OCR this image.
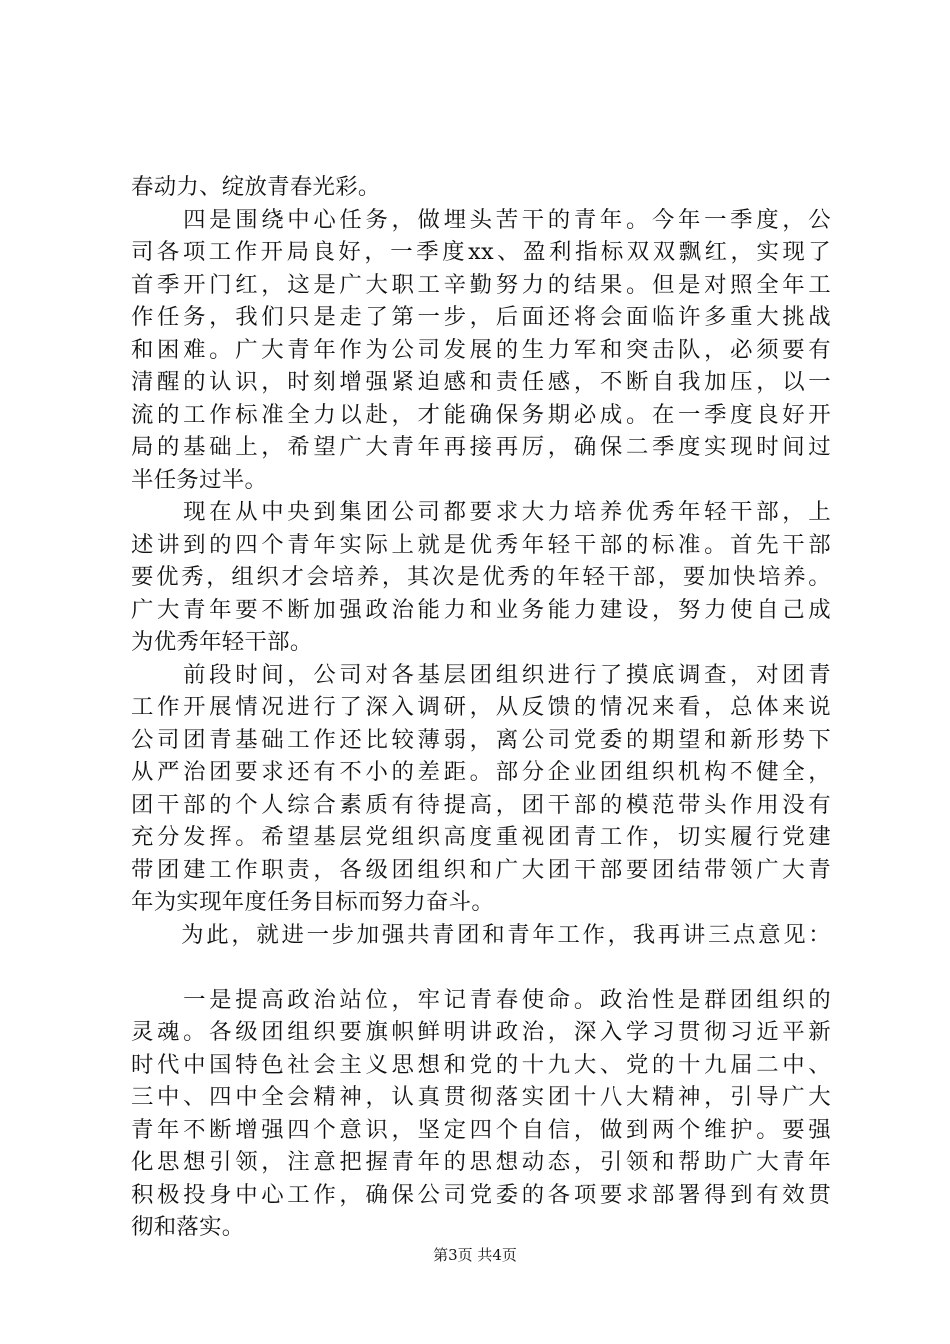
春动力、绽放青春光彩。
　　四是围绕中心任务，做埋头苦干的青年。今年一季度，公
司各项工作开局良好，一季度xx、盈利指标双双飘红，实现了
首季开门红，这是广大职工辛勤努力的结果。但是对照全年工
作任务，我们只是走了第一步，后面还将会面临许多重大挑战
和困难。广大青年作为公司发展的生力军和突击队，必须要有
清醒的认识，时刻增强紧迫感和责任感，不断自我加压，以一
流的工作标准全力以赴，才能确保务期必成。在一季度良好开
局的基础上，希望广大青年再接再厉，确保二季度实现时间过
半任务过半。
　　现在从中央到集团公司都要求大力培养优秀年轻干部，上
述讲到的四个青年实际上就是优秀年轻干部的标准。首先干部
要优秀，组织才会培养，其次是优秀的年轻干部，要加快培养。
广大青年要不断加强政治能力和业务能力建设，努力使自己成
为优秀年轻干部。
　　前段时间，公司对各基层团组织进行了摸底调查，对团青
工作开展情况进行了深入调研，从反馈的情况来看，总体来说
公司团青基础工作还比较薄弱，离公司党委的期望和新形势下
从严治团要求还有不小的差距。部分企业团组织机构不健全，
团干部的个人综合素质有待提高，团干部的模范带头作用没有
充分发挥。希望基层党组织高度重视团青工作，切实履行党建
带团建工作职责，各级团组织和广大团干部要团结带领广大青
年为实现年度任务目标而努力奋斗。
　　为此，就进一步加强共青团和青年工作，我再讲三点意见：
　　一是提高政治站位，牢记青春使命。政治性是群团组织的
灵魂。各级团组织要旗帜鲜明讲政治，深入学习贯彻习近平新
时代中国特色社会主义思想和党的十九大、党的十九届二中、
三中、四中全会精神，认真贯彻落实团十八大精神，引导广大
青年不断增强四个意识，坚定四个自信，做到两个维护。要强
化思想引领，注意把握青年的思想动态，引领和帮助广大青年
积极投身中心工作，确保公司党委的各项要求部署得到有效贯
彻和落实。
第3页 共4页
